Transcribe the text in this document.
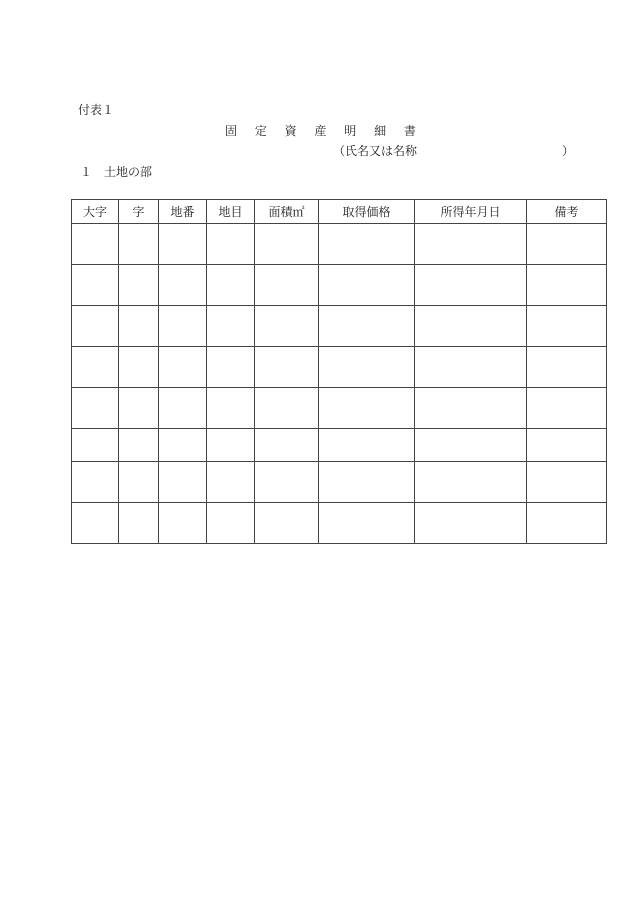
付表１
固 定 資 産 明 細 書
（氏名又は名称	）
１　土地の部
大字	字	地番	地目	面積㎡	取得価格	所得年月日	備考
